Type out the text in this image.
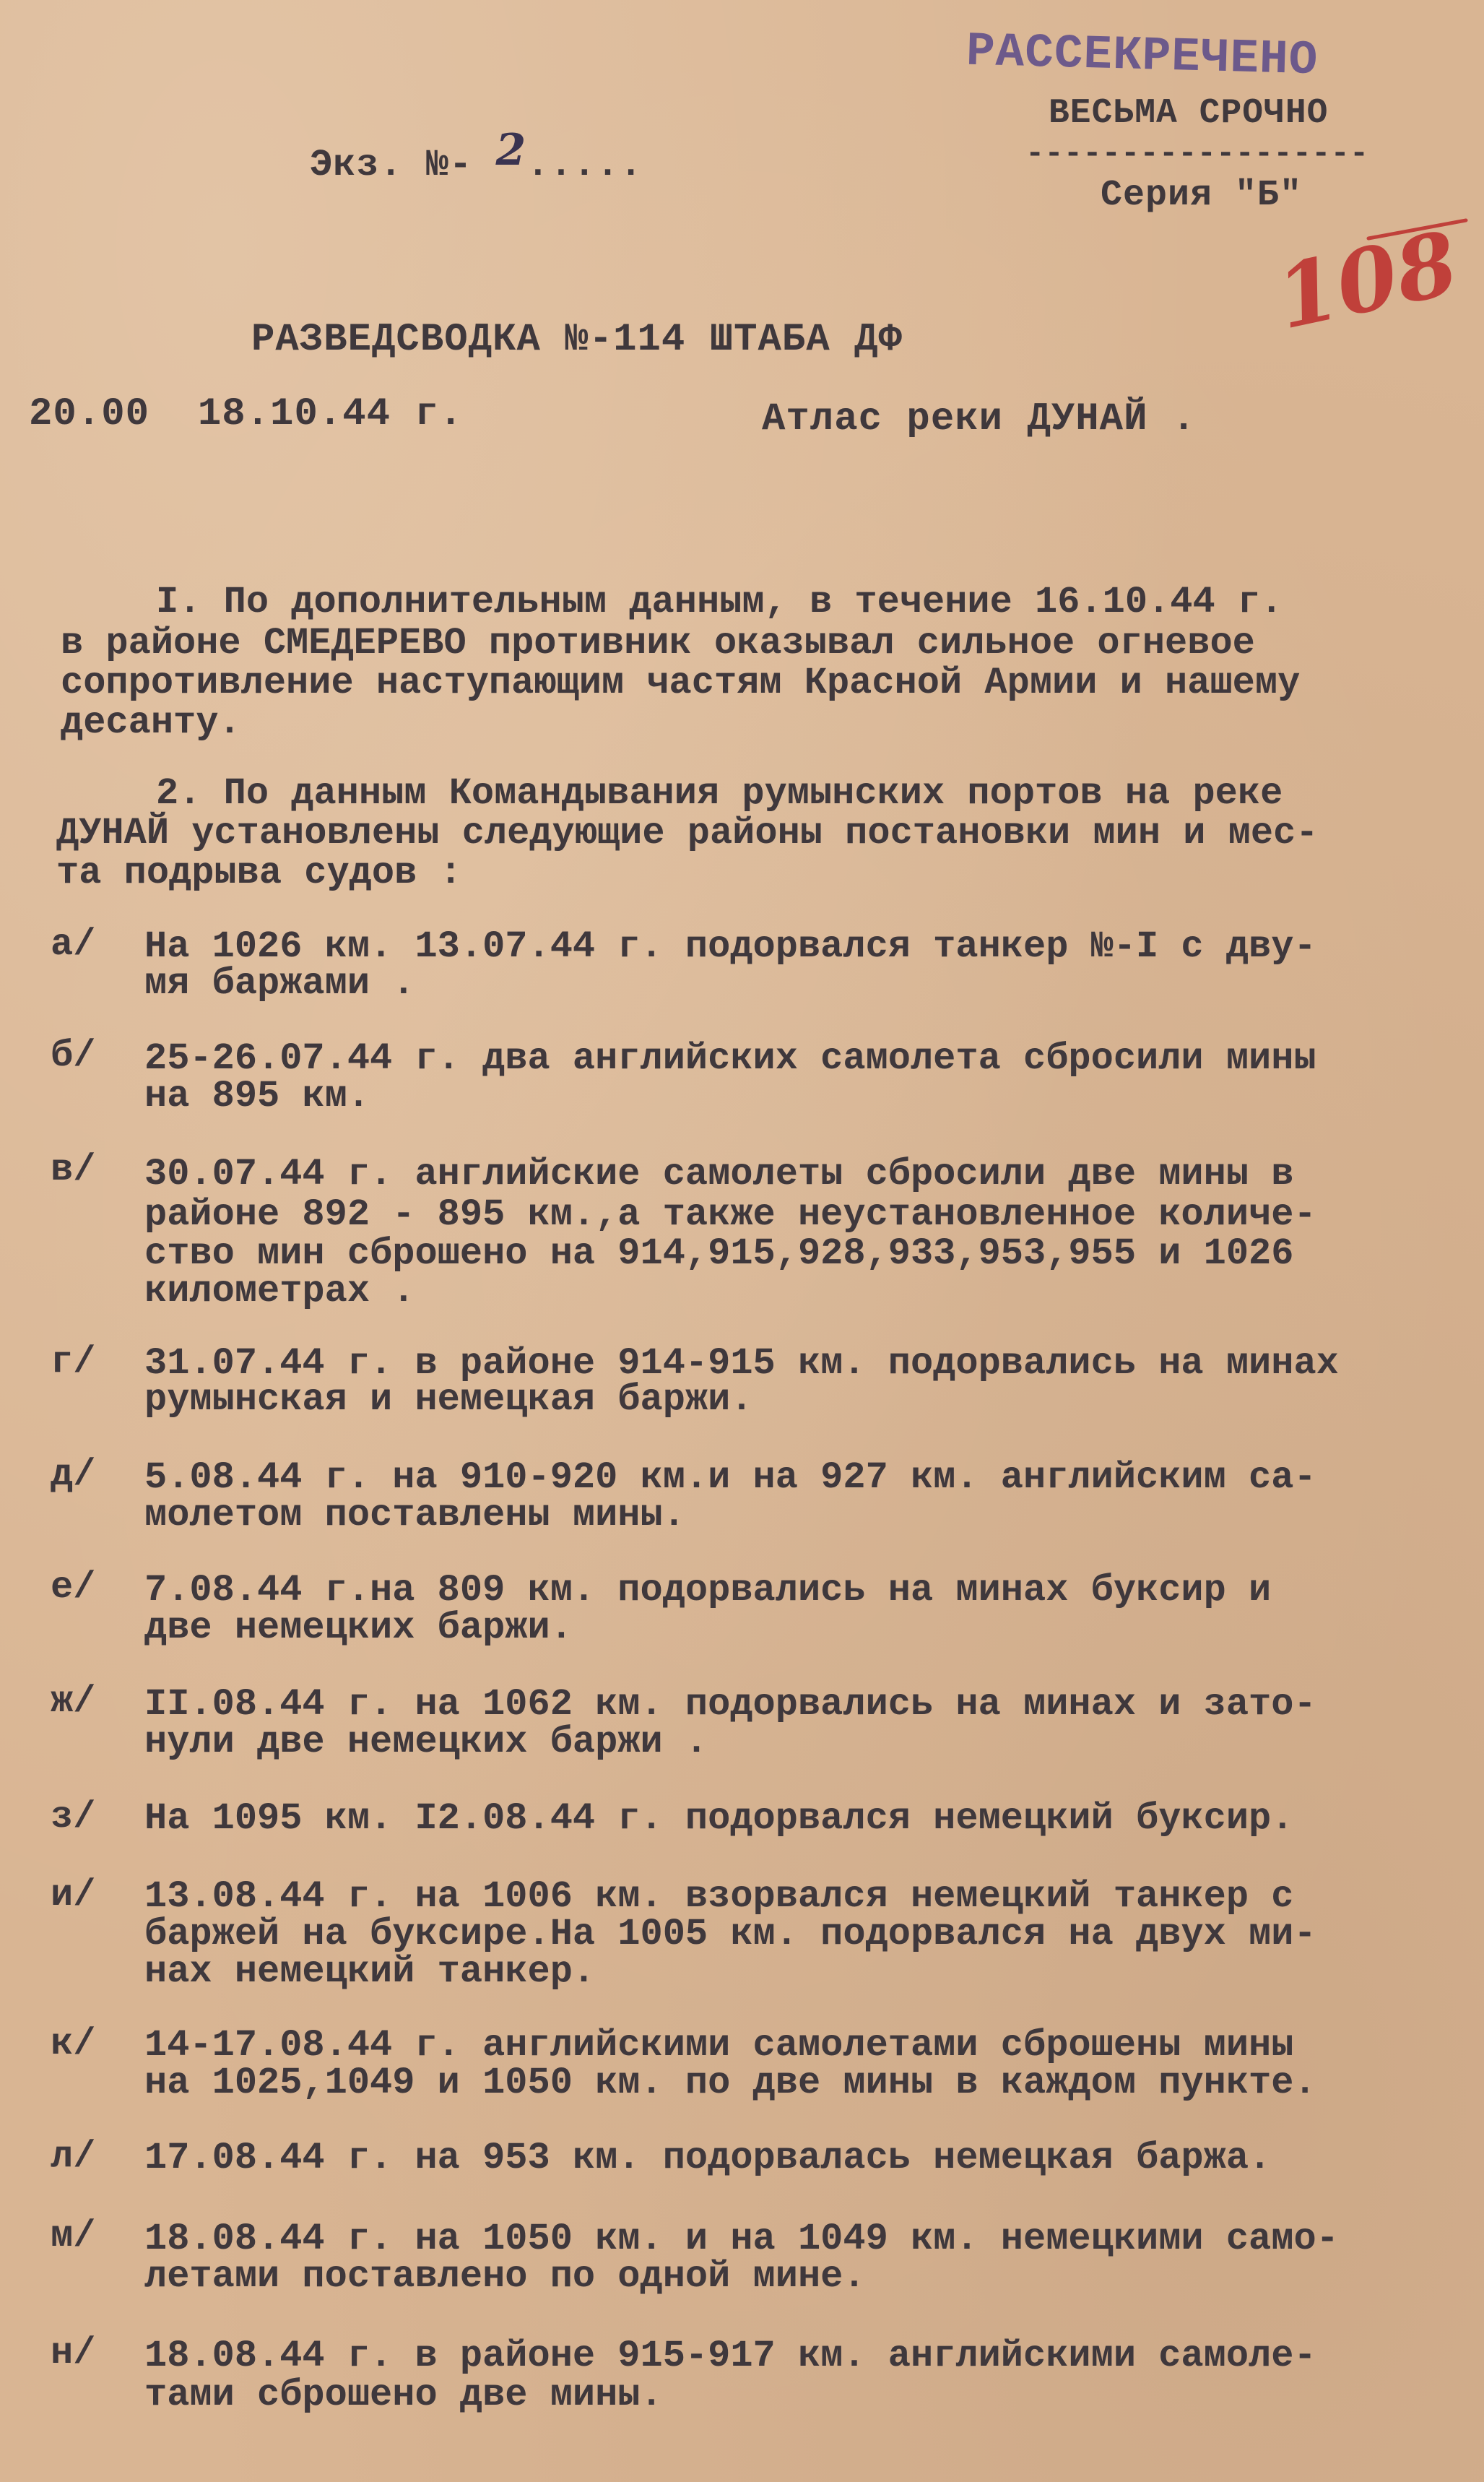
Экз. №- 2.....

РАССЕКРЕЧЕНО
ВЕСЬМА СРОЧНО
------------------
Серия "Б"
108
РАЗВЕДСВОДКА №-114 ШТАБА ДФ
20.00  18.10.44 г.	Атлас реки ДУНАЙ .
I. По дополнительным данным, в течение 16.10.44 г.
в районе СМЕДЕРЕВО противник оказывал сильное огневое
сопротивление наступающим частям Красной Армии и нашему
десанту.
2. По данным Командывания румынских портов на реке
ДУНАЙ установлены следующие районы постановки мин и мес-
та подрыва судов :
а/ На 1026 км. 13.07.44 г. подорвался танкер №-I с дву-
мя баржами .
б/ 25-26.07.44 г. два английских самолета сбросили мины
на 895 км.
в/ 30.07.44 г. английские самолеты сбросили две мины в
районе 892 - 895 км.,а также неустановленное количе-
ство мин сброшено на 914,915,928,933,953,955 и 1026
километрах .
г/ 31.07.44 г. в районе 914-915 км. подорвались на минах
румынская и немецкая баржи.
д/ 5.08.44 г. на 910-920 км.и на 927 км. английским са-
молетом поставлены мины.
е/ 7.08.44 г.на 809 км. подорвались на минах буксир и
две немецких баржи.
ж/ II.08.44 г. на 1062 км. подорвались на минах и зато-
нули две немецких баржи .
з/ На 1095 км. I2.08.44 г. подорвался немецкий буксир.
и/ 13.08.44 г. на 1006 км. взорвался немецкий танкер с
баржей на буксире.На 1005 км. подорвался на двух ми-
нах немецкий танкер.
к/ 14-17.08.44 г. английскими самолетами сброшены мины
на 1025,1049 и 1050 км. по две мины в каждом пункте.
л/ 17.08.44 г. на 953 км. подорвалась немецкая баржа.
м/ 18.08.44 г. на 1050 км. и на 1049 км. немецкими само-
летами поставлено по одной мине.
н/ 18.08.44 г. в районе 915-917 км. английскими самоле-
тами сброшено две мины.
